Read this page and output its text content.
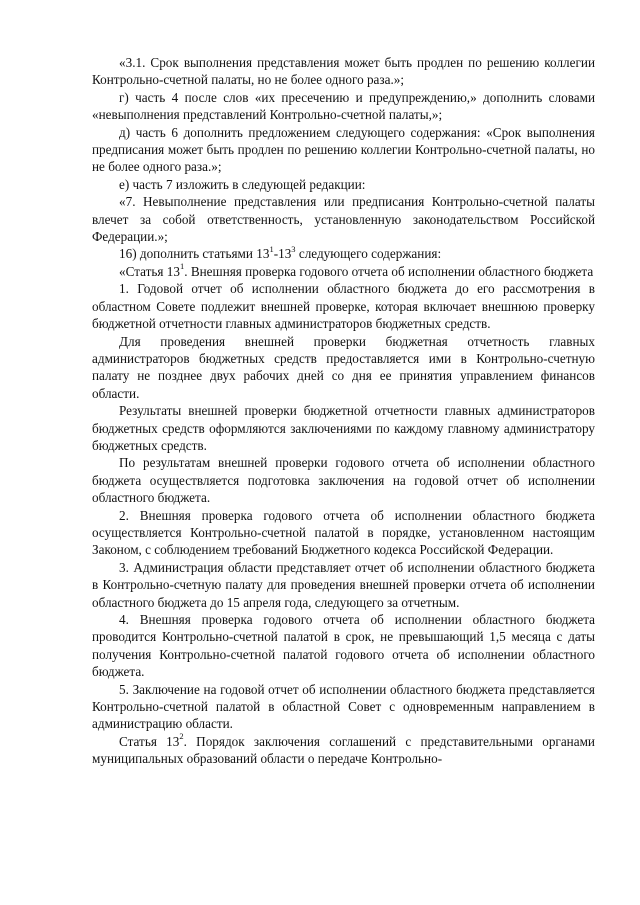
«3.1. Срок выполнения представления может быть продлен по решению коллегии Контрольно-счетной палаты, но не более одного раза.»;

г) часть 4 после слов «их пресечению и предупреждению,» дополнить словами «невыполнения представлений Контрольно-счетной палаты,»;

д) часть 6 дополнить предложением следующего содержания: «Срок выполнения предписания может быть продлен по решению коллегии Контрольно-счетной палаты, но не более одного раза.»;

е) часть 7 изложить в следующей редакции:

«7. Невыполнение представления или предписания Контрольно-счетной палаты влечет за собой ответственность, установленную законодательством Российской Федерации.»;

16) дополнить статьями $13^1-13^3$ следующего содержания:

«Статья $13^1$. Внешняя проверка годового отчета об исполнении областного бюджета

1. Годовой отчет об исполнении областного бюджета до его рассмотрения в областном Совете подлежит внешней проверке, которая включает внешнюю проверку бюджетной отчетности главных администраторов бюджетных средств.

Для проведения внешней проверки бюджетная отчетность главных администраторов бюджетных средств предоставляется ими в Контрольно-счетную палату не позднее двух рабочих дней со дня ее принятия управлением финансов области.

Результаты внешней проверки бюджетной отчетности главных администраторов бюджетных средств оформляются заключениями по каждому главному администратору бюджетных средств.

По результатам внешней проверки годового отчета об исполнении областного бюджета осуществляется подготовка заключения на годовой отчет об исполнении областного бюджета.

2. Внешняя проверка годового отчета об исполнении областного бюджета осуществляется Контрольно-счетной палатой в порядке, установленном настоящим Законом, с соблюдением требований Бюджетного кодекса Российской Федерации.

3. Администрация области представляет отчет об исполнении областного бюджета в Контрольно-счетную палату для проведения внешней проверки отчета об исполнении областного бюджета до 15 апреля года, следующего за отчетным.

4. Внешняя проверка годового отчета об исполнении областного бюджета проводится Контрольно-счетной палатой в срок, не превышающий 1,5 месяца с даты получения Контрольно-счетной палатой годового отчета об исполнении областного бюджета.

5. Заключение на годовой отчет об исполнении областного бюджета представляется Контрольно-счетной палатой в областной Совет с одновременным направлением в администрацию области.

Статья $13^2$. Порядок заключения соглашений с представительными органами муниципальных образований области о передаче Контрольно-
